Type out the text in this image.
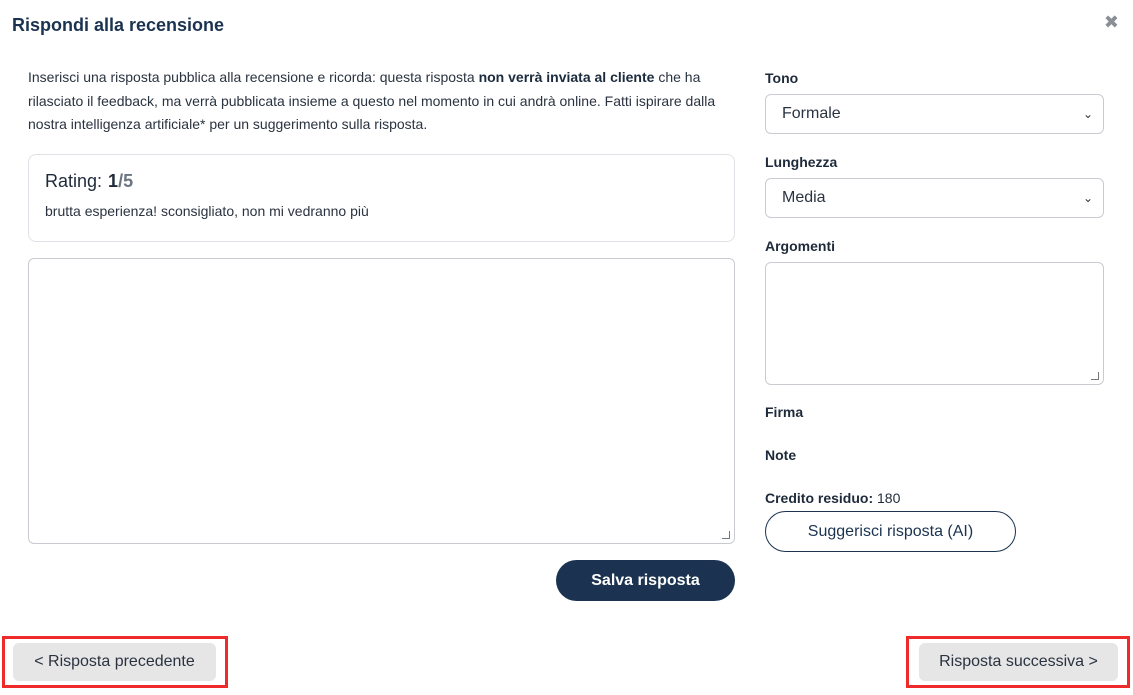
Rispondi alla recensione	✖
Inserisci una risposta pubblica alla recensione e ricorda: questa risposta non verrà inviata al cliente che ha rilasciato il feedback, ma verrà pubblicata insieme a questo nel momento in cui andrà online. Fatti ispirare dalla nostra intelligenza artificiale* per un suggerimento sulla risposta.
Rating: 1/5
brutta esperienza! sconsigliato, non mi vedranno più
Salva risposta
Tono
Formale	⌄
Lunghezza
Media	⌄
Argomenti
Firma
Note
Credito residuo: 180
Suggerisci risposta (AI)
< Risposta precedente	Risposta successiva >
